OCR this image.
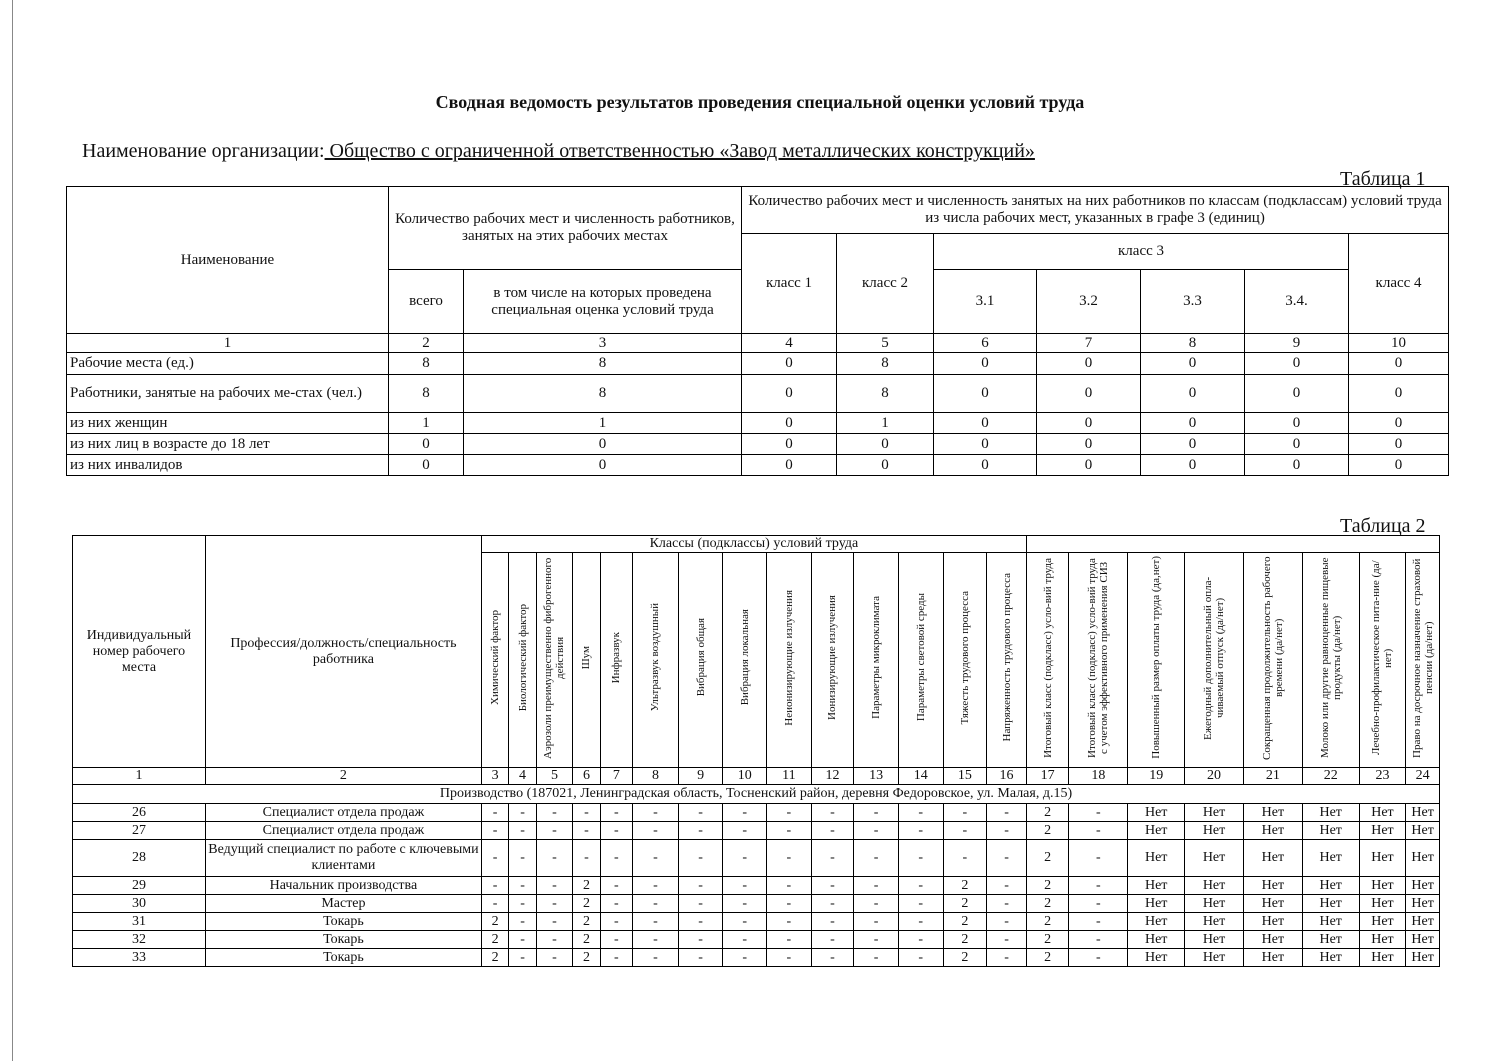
Сводная ведомость результатов проведения специальной оценки условий труда
Наименование организации: Общество с ограниченной ответственностью «Завод металлических конструкций»
Таблица 1
Наименование	Количество рабочих мест и численность работников, занятых на этих рабочих местах		Количество рабочих мест и численность занятых на них работников по классам (подклассам) условий труда из числа рабочих мест, указанных в графе 3 (единиц)						
			класс 1	класс 2	класс 3				класс 4
	всего	в том числе на которых проведена специальная оценка условий труда			3.1	3.2	3.3	3.4.	
1	2	3	4	5	6	7	8	9	10
Рабочие места (ед.)	8	8	0	8	0	0	0	0	0
Работники, занятые на рабочих ме-стах (чел.)	8	8	0	8	0	0	0	0	0
из них женщин	1	1	0	1	0	0	0	0	0
из них лиц в возрасте до 18 лет	0	0	0	0	0	0	0	0	0
из них инвалидов	0	0	0	0	0	0	0	0	0
Таблица 2
Индивидуальный номер рабочего места	Профессия/должность/специальность работника	Классы (подклассы) условий труда																					
		Химический фактор	Биологический фактор	Аэрозоли преимущественно фиброгенного действия	Шум	Инфразвук	Ультразвук воздушный	Вибрация общая	Вибрация локальная	Неионизирующие излучения	Ионизирующие излучения	Параметры микроклимата	Параметры световой среды	Тяжесть трудового процесса	Напряженность трудового процесса	Итоговый класс (подкласс) усло-вий труда	Итоговый класс (подкласс) усло-вий труда с учетом эффективного применения СИЗ	Повышенный размер оплаты труда (да,нет)	Ежегодный дополнительный опла-чиваемый отпуск (да/нет)	Сокращенная продолжительность рабочего времени (да/нет)	Молоко или другие равноценные пищевые продукты (да/нет)	Лечебно-профилактическое пита-ние (да/нет)	Право на досрочное назначение страховой пенсии (да/нет)
1	2	3	4	5	6	7	8	9	10	11	12	13	14	15	16	17	18	19	20	21	22	23	24
Производство (187021, Ленинградская область, Тосненский район, деревня Федоровское, ул. Малая, д.15)																							
26	Специалист отдела продаж	-	-	-	-	-	-	-	-	-	-	-	-	-	-	2	-	Нет	Нет	Нет	Нет	Нет	Нет
27	Специалист отдела продаж	-	-	-	-	-	-	-	-	-	-	-	-	-	-	2	-	Нет	Нет	Нет	Нет	Нет	Нет
28	Ведущий специалист по работе с ключевыми клиентами	-	-	-	-	-	-	-	-	-	-	-	-	-	-	2	-	Нет	Нет	Нет	Нет	Нет	Нет
29	Начальник производства	-	-	-	2	-	-	-	-	-	-	-	-	2	-	2	-	Нет	Нет	Нет	Нет	Нет	Нет
30	Мастер	-	-	-	2	-	-	-	-	-	-	-	-	2	-	2	-	Нет	Нет	Нет	Нет	Нет	Нет
31	Токарь	2	-	-	2	-	-	-	-	-	-	-	-	2	-	2	-	Нет	Нет	Нет	Нет	Нет	Нет
32	Токарь	2	-	-	2	-	-	-	-	-	-	-	-	2	-	2	-	Нет	Нет	Нет	Нет	Нет	Нет
33	Токарь	2	-	-	2	-	-	-	-	-	-	-	-	2	-	2	-	Нет	Нет	Нет	Нет	Нет	Нет
